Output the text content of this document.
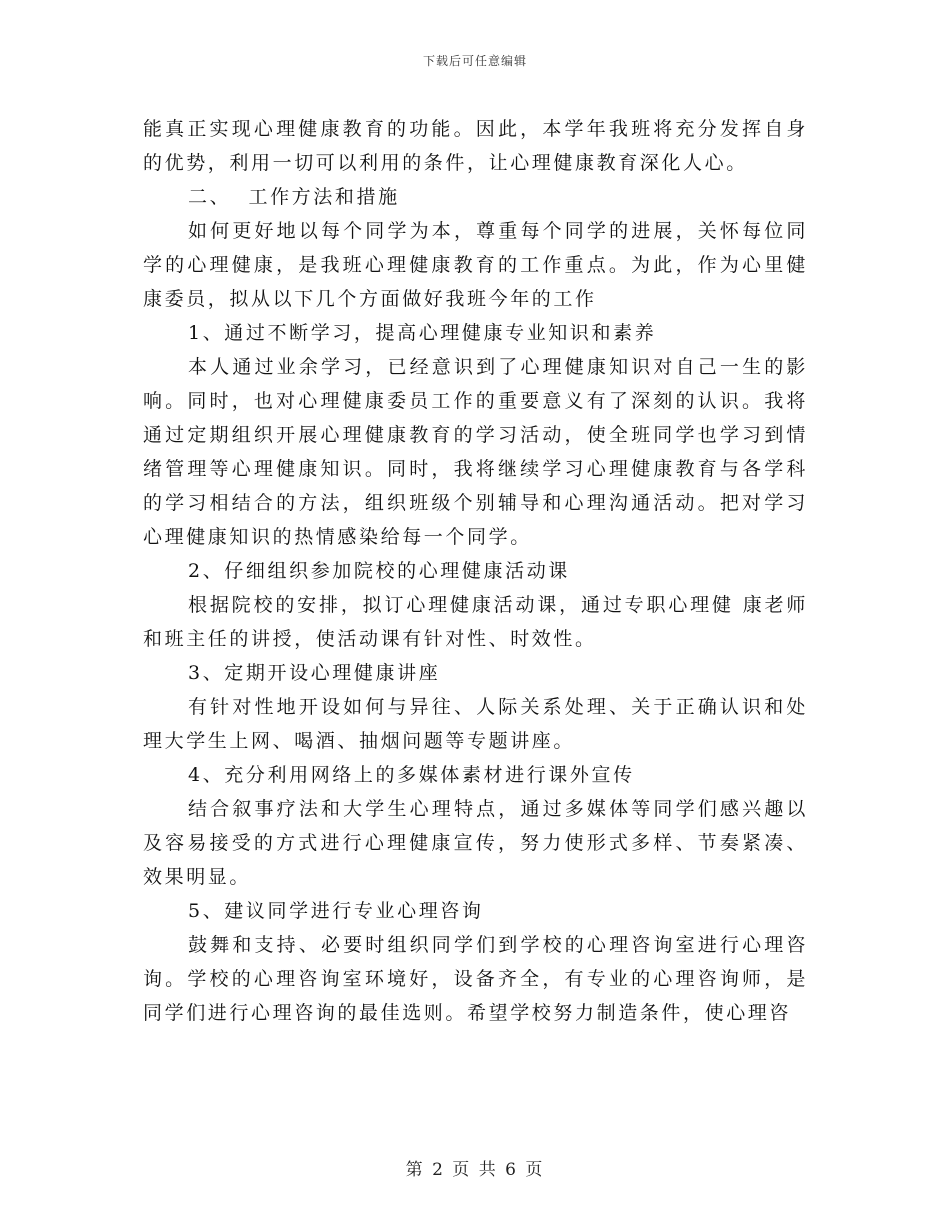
下载后可任意编辑

能真正实现心理健康教育的功能。因此，本学年我班将充分发挥自身的优势，利用一切可以利用的条件，让心理健康教育深化人心。

二、  工作方法和措施

如何更好地以每个同学为本，尊重每个同学的进展，关怀每位同学的心理健康，是我班心理健康教育的工作重点。为此，作为心里健康委员，拟从以下几个方面做好我班今年的工作

1、通过不断学习，提高心理健康专业知识和素养

本人通过业余学习，已经意识到了心理健康知识对自己一生的影响。同时，也对心理健康委员工作的重要意义有了深刻的认识。我将通过定期组织开展心理健康教育的学习活动，使全班同学也学习到情绪管理等心理健康知识。同时，我将继续学习心理健康教育与各学科的学习相结合的方法，组织班级个别辅导和心理沟通活动。把对学习心理健康知识的热情感染给每一个同学。

2、仔细组织参加院校的心理健康活动课

根据院校的安排，拟订心理健康活动课，通过专职心理健 康老师和班主任的讲授，使活动课有针对性、时效性。

3、定期开设心理健康讲座

有针对性地开设如何与异往、人际关系处理、关于正确认识和处理大学生上网、喝酒、抽烟问题等专题讲座。

4、充分利用网络上的多媒体素材进行课外宣传

结合叙事疗法和大学生心理特点，通过多媒体等同学们感兴趣以及容易接受的方式进行心理健康宣传，努力使形式多样、节奏紧凑、效果明显。

5、建议同学进行专业心理咨询

鼓舞和支持、必要时组织同学们到学校的心理咨询室进行心理咨询。学校的心理咨询室环境好，设备齐全，有专业的心理咨询师，是同学们进行心理咨询的最佳选则。希望学校努力制造条件，使心理咨

第 2 页 共 6 页
